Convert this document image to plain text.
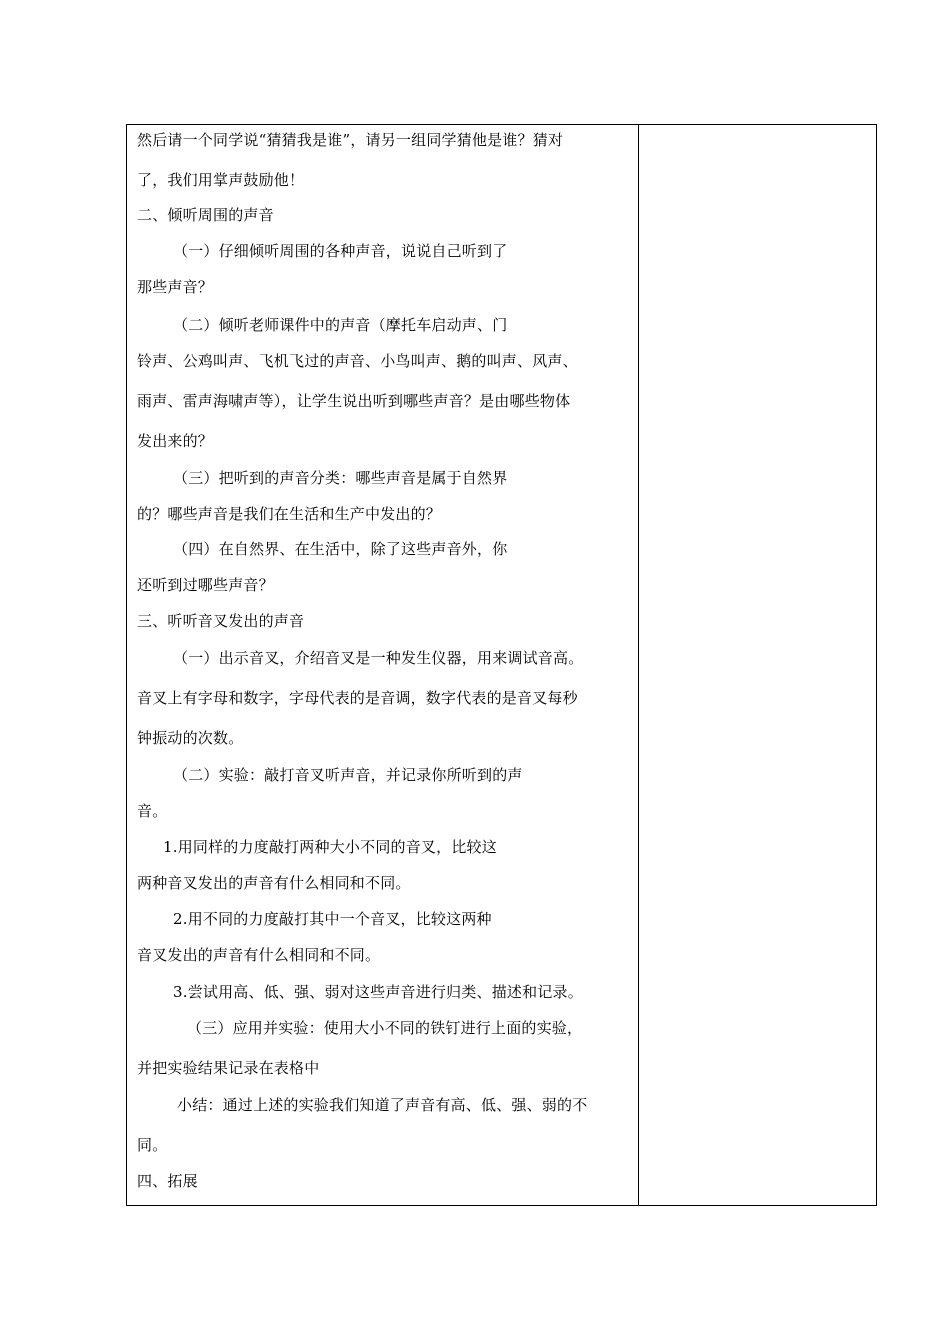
然后请一个同学说“猜猜我是谁”，请另一组同学猜他是谁？猜对
了，我们用掌声鼓励他！
二、倾听周围的声音
（一）仔细倾听周围的各种声音，说说自己听到了
那些声音？
（二）倾听老师课件中的声音（摩托车启动声、门
铃声、公鸡叫声、飞机飞过的声音、小鸟叫声、鹅的叫声、风声、
雨声、雷声海啸声等），让学生说出听到哪些声音？是由哪些物体
发出来的？
（三）把听到的声音分类：哪些声音是属于自然界
的？哪些声音是我们在生活和生产中发出的？
（四）在自然界、在生活中，除了这些声音外，你
还听到过哪些声音？
三、听听音叉发出的声音
（一）出示音叉，介绍音叉是一种发生仪器，用来调试音高。
音叉上有字母和数字，字母代表的是音调，数字代表的是音叉每秒
钟振动的次数。
（二）实验：敲打音叉听声音，并记录你所听到的声
音。
1.用同样的力度敲打两种大小不同的音叉，比较这
两种音叉发出的声音有什么相同和不同。
2.用不同的力度敲打其中一个音叉，比较这两种
音叉发出的声音有什么相同和不同。
3.尝试用高、低、强、弱对这些声音进行归类、描述和记录。
（三）应用并实验：使用大小不同的铁钉进行上面的实验，
并把实验结果记录在表格中
小结：通过上述的实验我们知道了声音有高、低、强、弱的不
同。
四、拓展
